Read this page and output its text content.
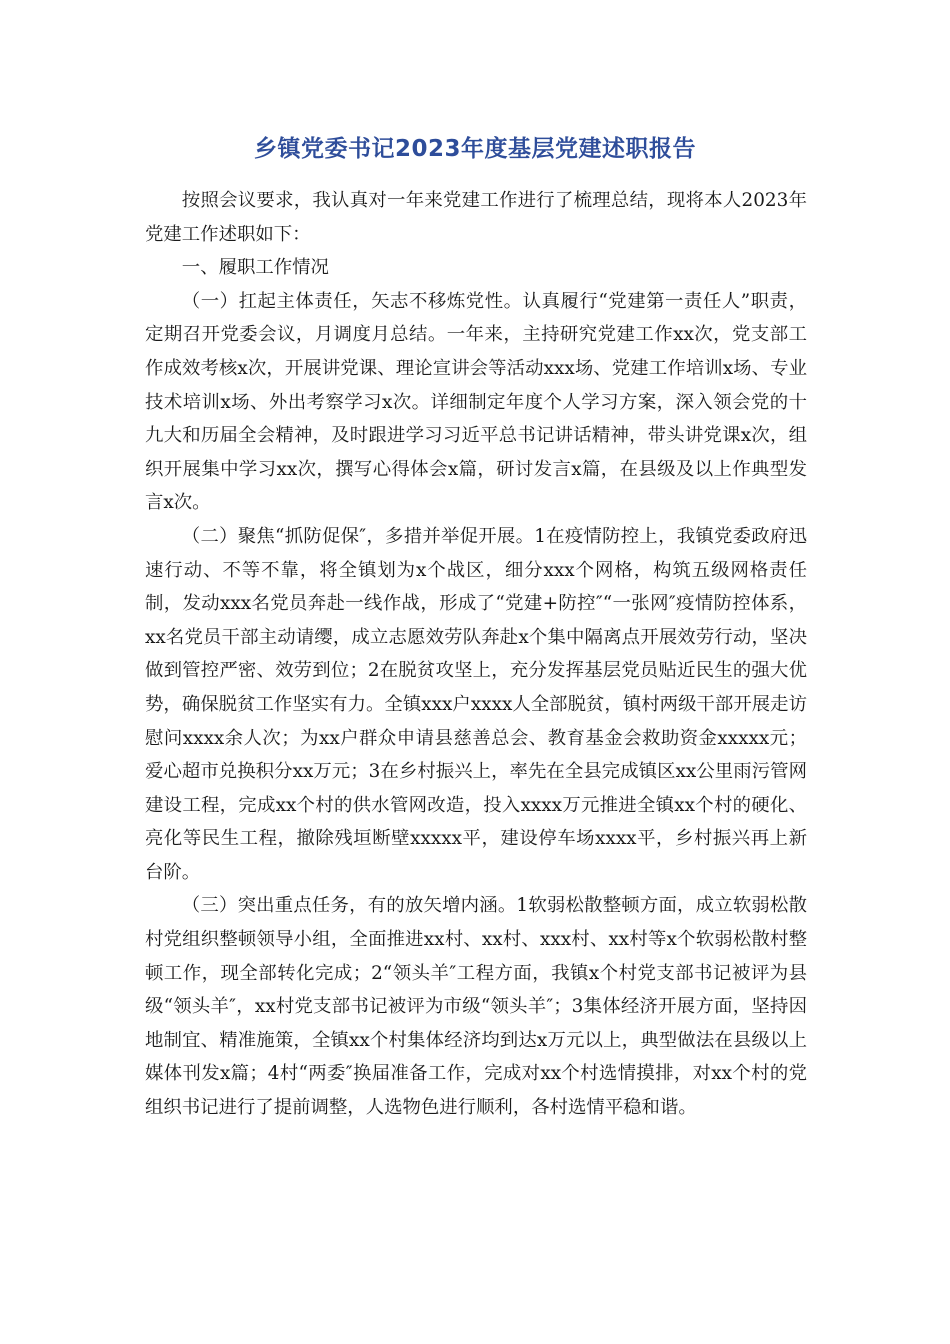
乡镇党委书记2023年度基层党建述职报告

按照会议要求，我认真对一年来党建工作进行了梳理总结，现将本人2023年党建工作述职如下：

一、履职工作情况

（一）扛起主体责任，矢志不移炼党性。认真履行“党建第一责任人”职责，定期召开党委会议，月调度月总结。一年来，主持研究党建工作xx次，党支部工作成效考核x次，开展讲党课、理论宣讲会等活动xxx场、党建工作培训x场、专业技术培训x场、外出考察学习x次。详细制定年度个人学习方案，深入领会党的十九大和历届全会精神，及时跟进学习习近平总书记讲话精神，带头讲党课x次，组织开展集中学习xx次，撰写心得体会x篇，研讨发言x篇，在县级及以上作典型发言x次。

（二）聚焦“抓防促保″，多措并举促开展。1在疫情防控上，我镇党委政府迅速行动、不等不靠，将全镇划为x个战区，细分xxx个网格，构筑五级网格责任制，发动xxx名党员奔赴一线作战，形成了“党建+防控″“一张网″疫情防控体系，xx名党员干部主动请缨，成立志愿效劳队奔赴x个集中隔离点开展效劳行动，坚决做到管控严密、效劳到位；2在脱贫攻坚上，充分发挥基层党员贴近民生的强大优势，确保脱贫工作坚实有力。全镇xxx户xxxx人全部脱贫，镇村两级干部开展走访慰问xxxx余人次；为xx户群众申请县慈善总会、教育基金会救助资金xxxxx元；爱心超市兑换积分xx万元；3在乡村振兴上，率先在全县完成镇区xx公里雨污管网建设工程，完成xx个村的供水管网改造，投入xxxx万元推进全镇xx个村的硬化、亮化等民生工程，撤除残垣断壁xxxxx平，建设停车场xxxx平，乡村振兴再上新台阶。

（三）突出重点任务，有的放矢增内涵。1软弱松散整顿方面，成立软弱松散村党组织整顿领导小组，全面推进xx村、xx村、xxx村、xx村等x个软弱松散村整顿工作，现全部转化完成；2“领头羊″工程方面，我镇x个村党支部书记被评为县级“领头羊″，xx村党支部书记被评为市级“领头羊″；3集体经济开展方面，坚持因地制宜、精准施策，全镇xx个村集体经济均到达x万元以上，典型做法在县级以上媒体刊发x篇；4村“两委″换届准备工作，完成对xx个村选情摸排，对xx个村的党组织书记进行了提前调整，人选物色进行顺利，各村选情平稳和谐。
